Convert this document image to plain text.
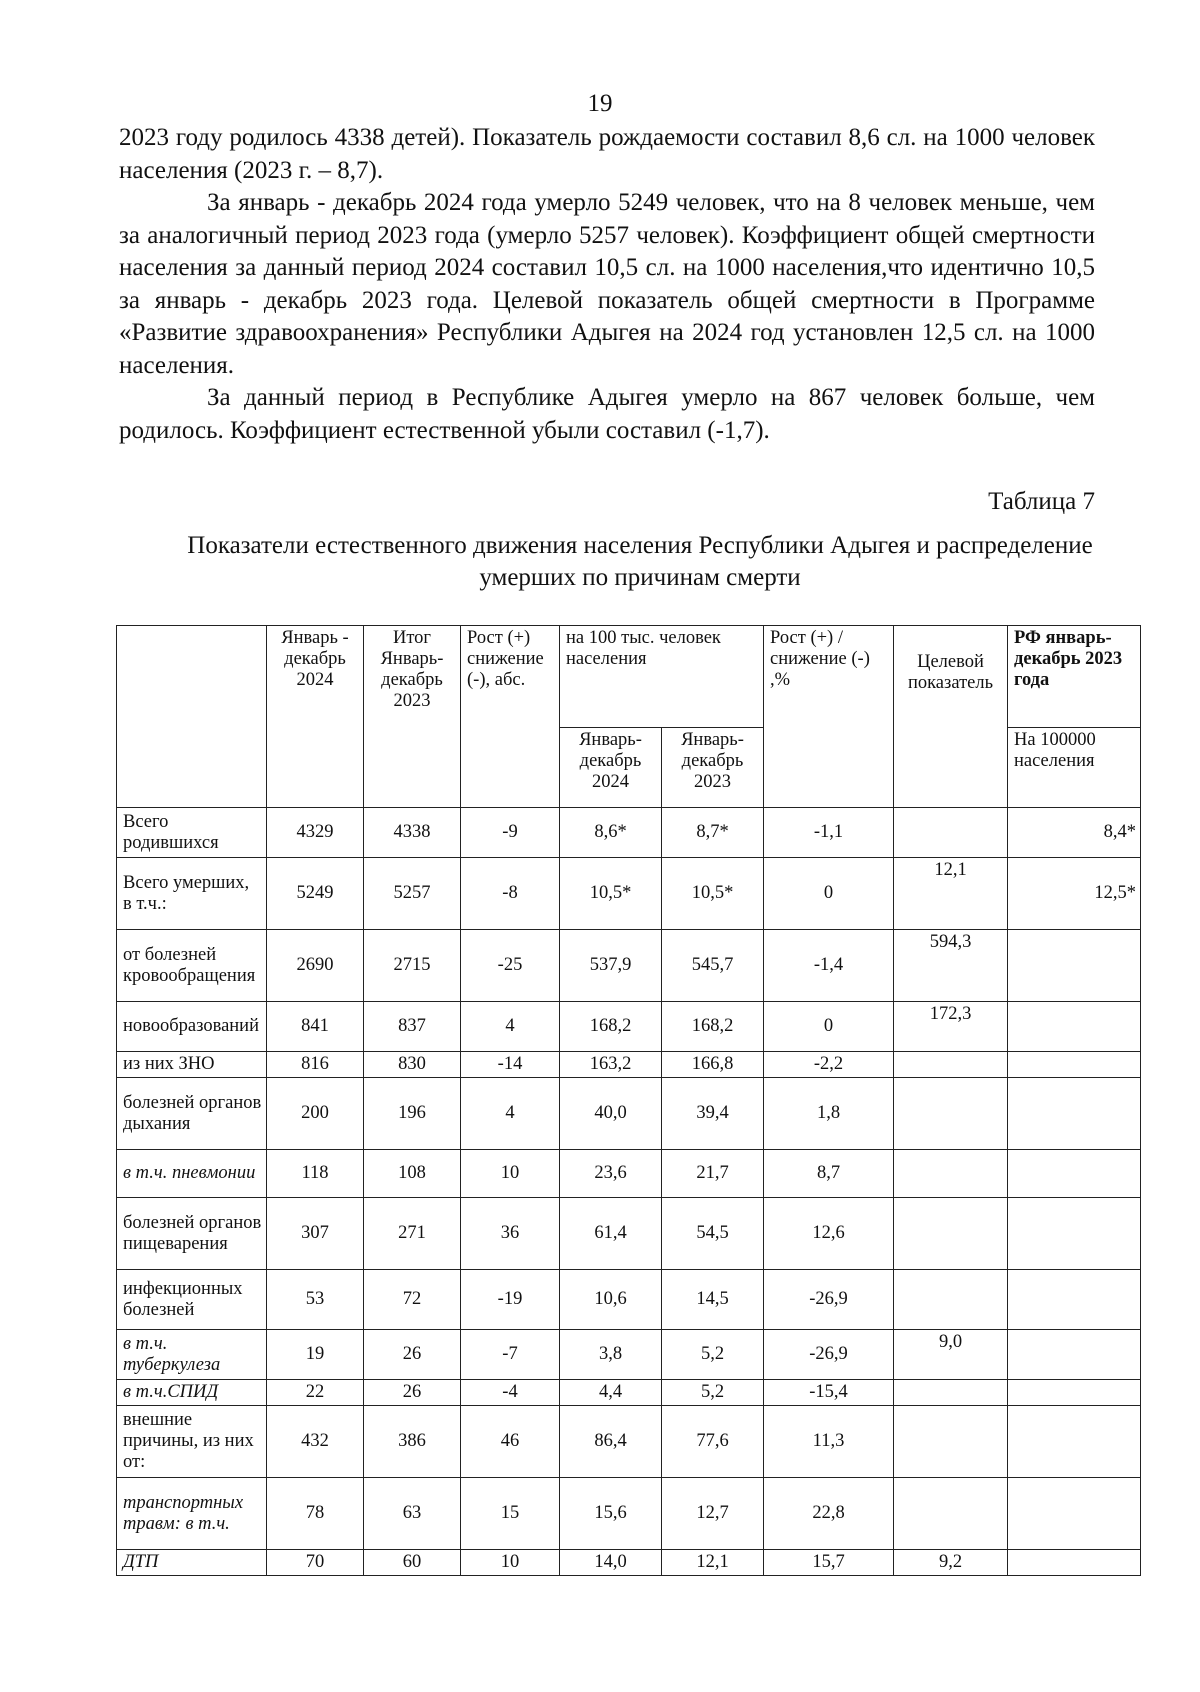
19

2023 году родилось 4338 детей). Показатель рождаемости составил 8,6 сл. на 1000 человек населения (2023 г. – 8,7).

За январь - декабрь 2024 года умерло 5249 человек, что на 8 человек меньше, чем за аналогичный период 2023 года (умерло 5257 человек). Коэффициент общей смертности населения за данный период 2024 составил 10,5 сл. на 1000 населения,что идентично 10,5 за январь - декабрь 2023 года. Целевой показатель общей смертности в Программе «Развитие здравоохранения» Республики Адыгея на 2024 год установлен 12,5 сл. на 1000 населения.

За данный период в Республике Адыгея умерло на 867 человек больше, чем родилось. Коэффициент естественной убыли составил (-1,7).

Таблица 7
Показатели естественного движения населения Республики Адыгея и распределение умерших по причинам смерти
	Январь - декабрь 2024	Итог Январь-декабрь 2023	Рост (+) снижение (-), абс.	на 100 тыс. человек населения		Рост (+) / снижение (-) ,%	Целевой показатель	РФ январь-декабрь 2023 года
				Январь-декабрь 2024	Январь-декабрь 2023			На 100000 населения
Всего родившихся	4329	4338	-9	8,6*	8,7*	-1,1		8,4*
Всего умерших, в т.ч.:	5249	5257	-8	10,5*	10,5*	0	12,1	12,5*
от болезней кровообращения	2690	2715	-25	537,9	545,7	-1,4	594,3	
новообразований	841	837	4	168,2	168,2	0	172,3	
из них ЗНО	816	830	-14	163,2	166,8	-2,2		
болезней органов дыхания	200	196	4	40,0	39,4	1,8		
в т.ч. пневмонии	118	108	10	23,6	21,7	8,7		
болезней органов пищеварения	307	271	36	61,4	54,5	12,6		
инфекционных болезней	53	72	-19	10,6	14,5	-26,9		
в т.ч. туберкулеза	19	26	-7	3,8	5,2	-26,9	9,0	
в т.ч.СПИД	22	26	-4	4,4	5,2	-15,4		
внешние причины, из них от:	432	386	46	86,4	77,6	11,3		
транспортных травм: в т.ч.	78	63	15	15,6	12,7	22,8		
ДТП	70	60	10	14,0	12,1	15,7	9,2	
